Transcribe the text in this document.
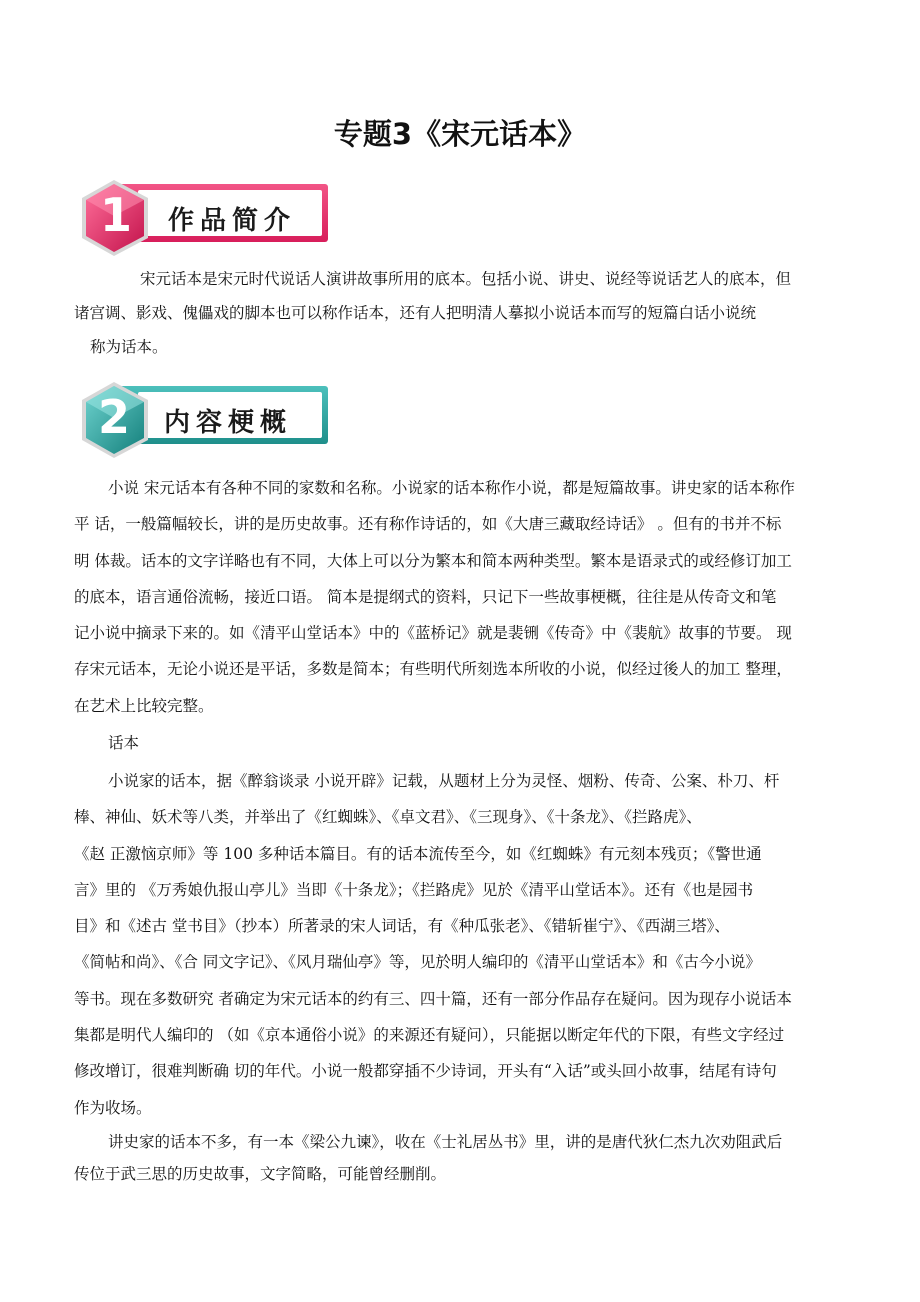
专题3《宋元话本》
1 作品简介
宋元话本是宋元时代说话人演讲故事所用的底本。包括小说、讲史、说经等说话艺人的底本，但
诸宫调、影戏、傀儡戏的脚本也可以称作话本，还有人把明清人摹拟小说话本而写的短篇白话小说统
称为话本。
2 内容梗概
小说 宋元话本有各种不同的家数和名称。小说家的话本称作小说，都是短篇故事。讲史家的话本称作
平 话，一般篇幅较长，讲的是历史故事。还有称作诗话的，如《大唐三藏取经诗话》 。但有的书并不标
明 体裁。话本的文字详略也有不同，大体上可以分为繁本和简本两种类型。繁本是语录式的或经修订加工
的底本，语言通俗流畅，接近口语。 简本是提纲式的资料，只记下一些故事梗概，往往是从传奇文和笔
记小说中摘录下来的。如《清平山堂话本》中的《蓝桥记》就是裴铏《传奇》中《裴航》故事的节要。 现
存宋元话本，无论小说还是平话，多数是简本；有些明代所刻选本所收的小说，似经过後人的加工 整理，
在艺术上比较完整。
话本
小说家的话本，据《醉翁谈录 小说开辟》记载，从题材上分为灵怪、烟粉、传奇、公案、朴刀、杆
棒、神仙、妖术等八类，并举出了《红蜘蛛》、《卓文君》、《三现身》、《十条龙》、《拦路虎》、
《赵 正激恼京师》等 100 多种话本篇目。有的话本流传至今，如《红蜘蛛》有元刻本残页；《警世通
言》里的 《万秀娘仇报山亭儿》当即《十条龙》；《拦路虎》见於《清平山堂话本》。还有《也是园书
目》和《述古 堂书目》（抄本）所著录的宋人词话，有《种瓜张老》、《错斩崔宁》、《西湖三塔》、
《简帖和尚》、《合 同文字记》、《风月瑞仙亭》等，见於明人编印的《清平山堂话本》和《古今小说》
等书。现在多数研究 者确定为宋元话本的约有三、四十篇，还有一部分作品存在疑问。因为现存小说话本
集都是明代人编印的 （如《京本通俗小说》的来源还有疑问），只能据以断定年代的下限，有些文字经过
修改增订，很难判断确 切的年代。小说一般都穿插不少诗词，开头有“入话”或头回小故事，结尾有诗句
作为收场。
讲史家的话本不多，有一本《梁公九谏》，收在《士礼居丛书》里，讲的是唐代狄仁杰九次劝阻武后
传位于武三思的历史故事，文字简略，可能曾经删削。
